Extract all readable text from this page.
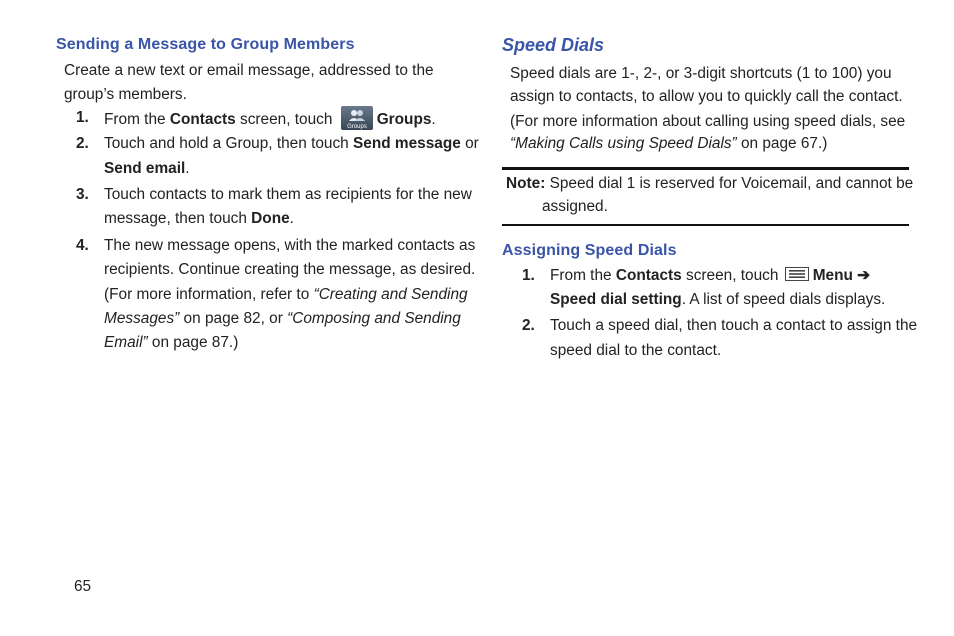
Sending a Message to Group Members
Create a new text or email message, addressed to the
group’s members.
1. From the Contacts screen, touch Groups Groups.
2. Touch and hold a Group, then touch Send message or
Send email.
3. Touch contacts to mark them as recipients for the new
message, then touch Done.
4. The new message opens, with the marked contacts as
recipients. Continue creating the message, as desired.
(For more information, refer to “Creating and Sending
Messages” on page 82, or “Composing and Sending
Email” on page 87.)
Speed Dials
Speed dials are 1-, 2-, or 3-digit shortcuts (1 to 100) you
assign to contacts, to allow you to quickly call the contact.
(For more information about calling using speed dials, see
“Making Calls using Speed Dials” on page 67.)
Note: Speed dial 1 is reserved for Voicemail, and cannot be
assigned.
Assigning Speed Dials
1. From the Contacts screen, touch Menu ➔
Speed dial setting. A list of speed dials displays.
2. Touch a speed dial, then touch a contact to assign the
speed dial to the contact.
65
